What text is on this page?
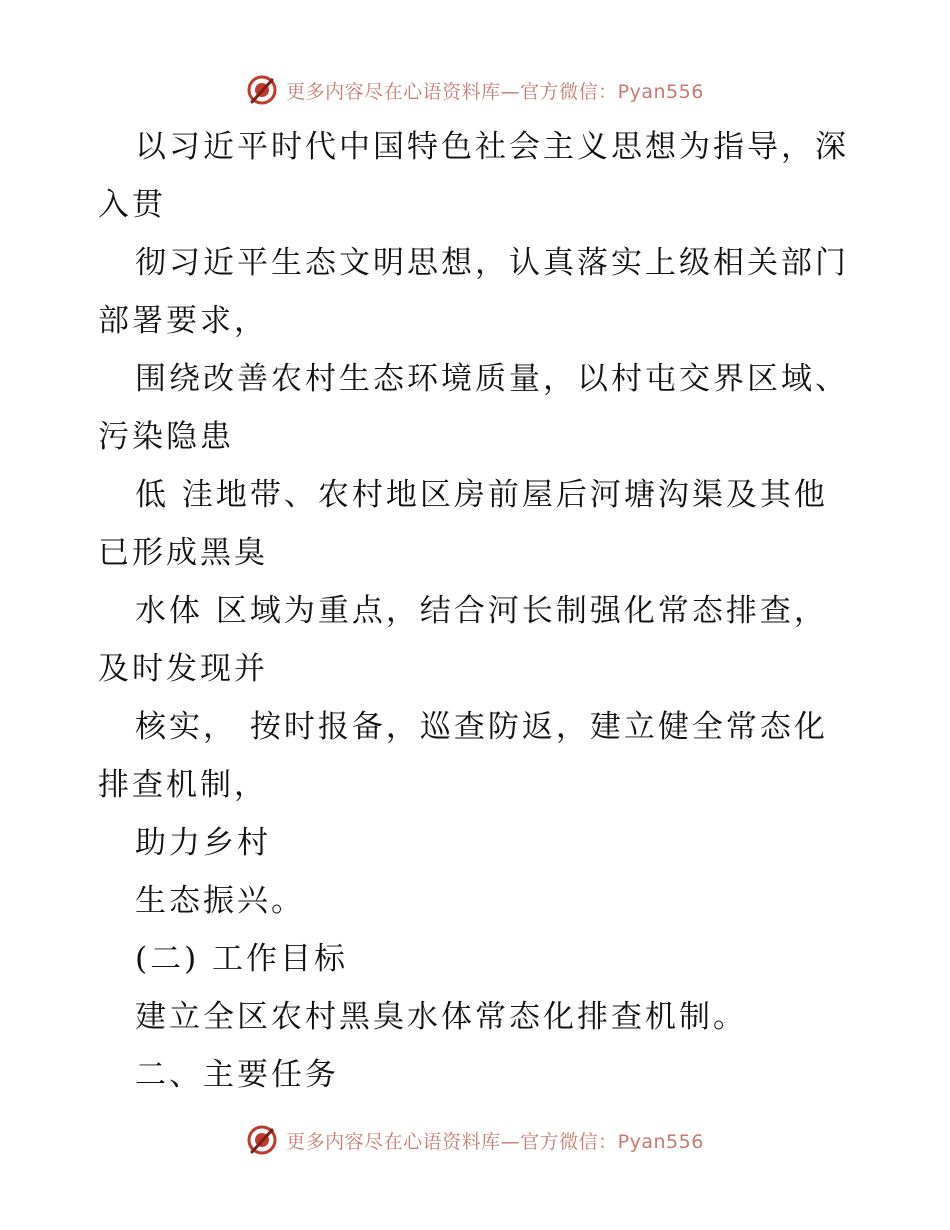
更多内容尽在心语资料库—官方微信：Pyan556
以习近平时代中国特色社会主义思想为指导，深
入贯
彻习近平生态文明思想，认真落实上级相关部门
部署要求，
围绕改善农村生态环境质量，以村屯交界区域、
污染隐患
低 洼地带、农村地区房前屋后河塘沟渠及其他
已形成黑臭
水体 区域为重点，结合河长制强化常态排查，
及时发现并
核实， 按时报备，巡查防返，建立健全常态化
排查机制，
助力乡村
生态振兴。
(二) 工作目标
建立全区农村黑臭水体常态化排查机制。
二、主要任务
更多内容尽在心语资料库—官方微信：Pyan556
